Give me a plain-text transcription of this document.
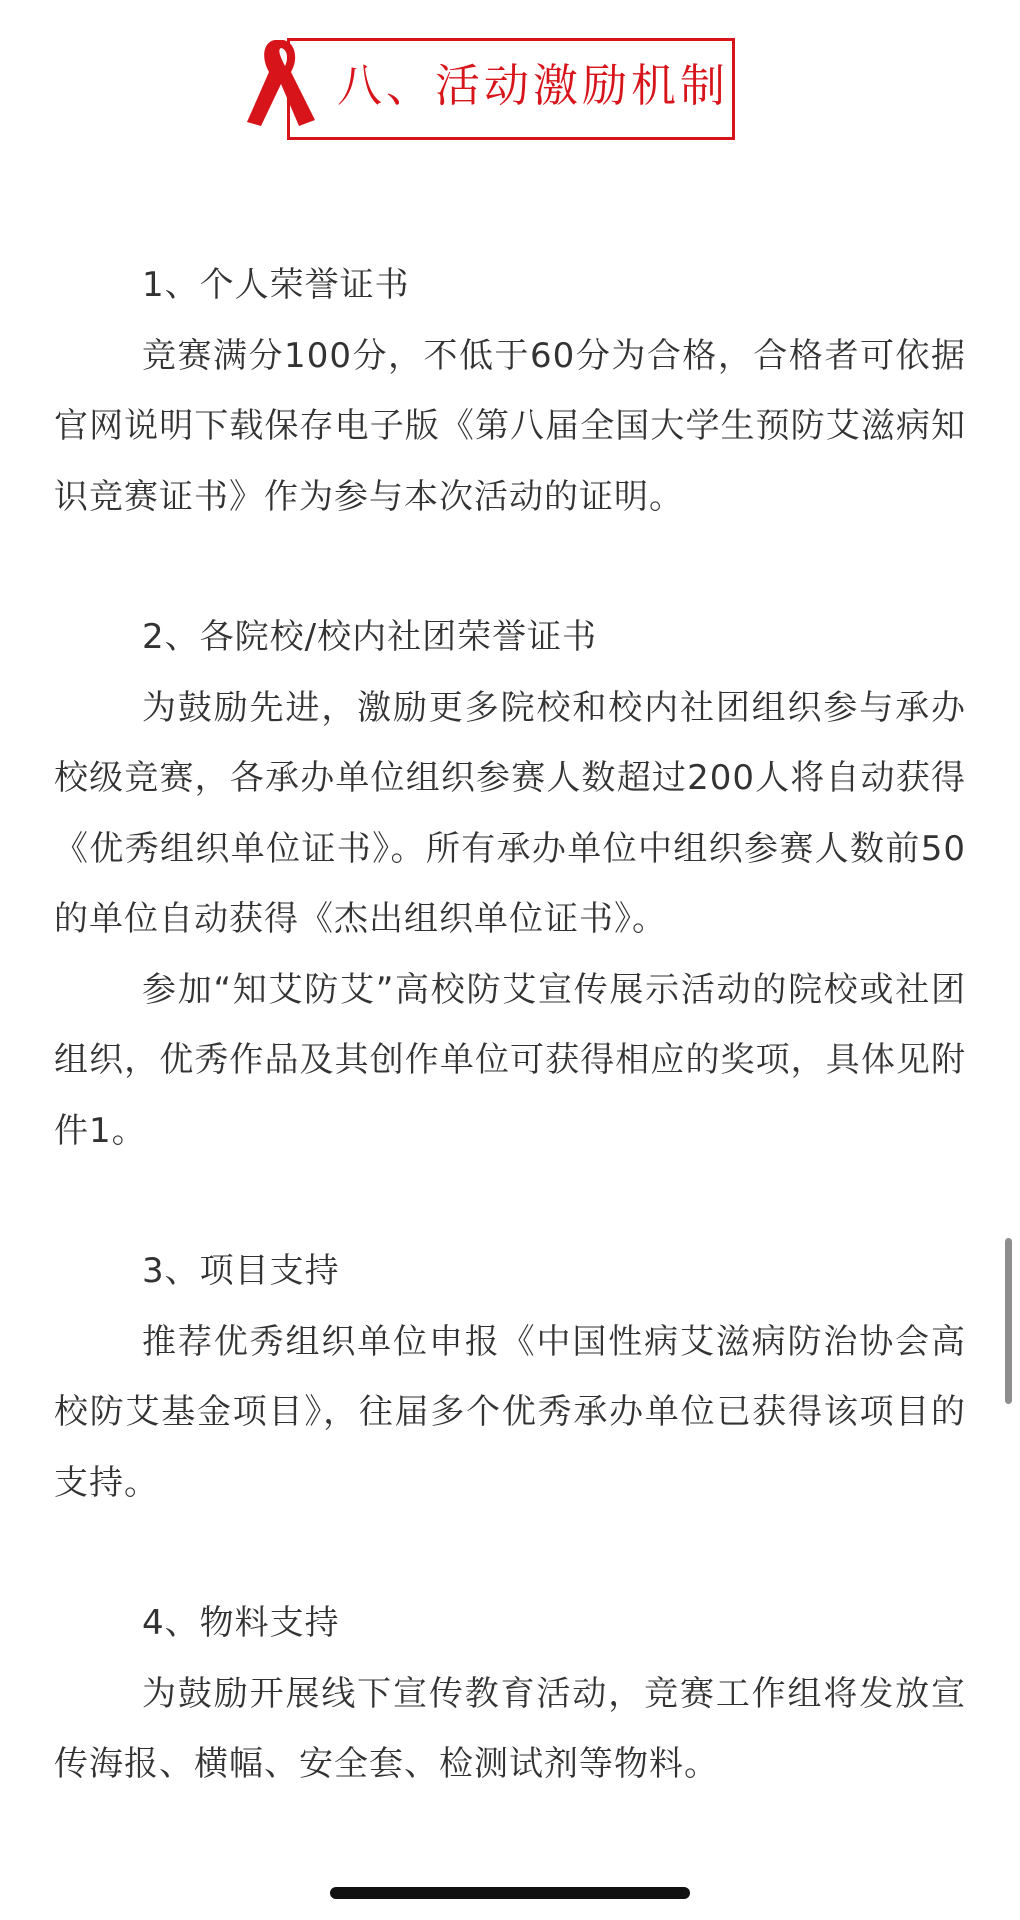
八、活动激励机制

1、个人荣誉证书

竞赛满分100分，不低于60分为合格，合格者可依据官网说明下载保存电子版《第八届全国大学生预防艾滋病知识竞赛证书》作为参与本次活动的证明。

2、各院校/校内社团荣誉证书

为鼓励先进，激励更多院校和校内社团组织参与承办校级竞赛，各承办单位组织参赛人数超过200人将自动获得《优秀组织单位证书》。所有承办单位中组织参赛人数前50的单位自动获得《杰出组织单位证书》。

参加“知艾防艾”高校防艾宣传展示活动的院校或社团组织，优秀作品及其创作单位可获得相应的奖项，具体见附件1。

3、项目支持

推荐优秀组织单位申报《中国性病艾滋病防治协会高校防艾基金项目》，往届多个优秀承办单位已获得该项目的支持。

4、物料支持

为鼓励开展线下宣传教育活动，竞赛工作组将发放宣传海报、横幅、安全套、检测试剂等物料。
